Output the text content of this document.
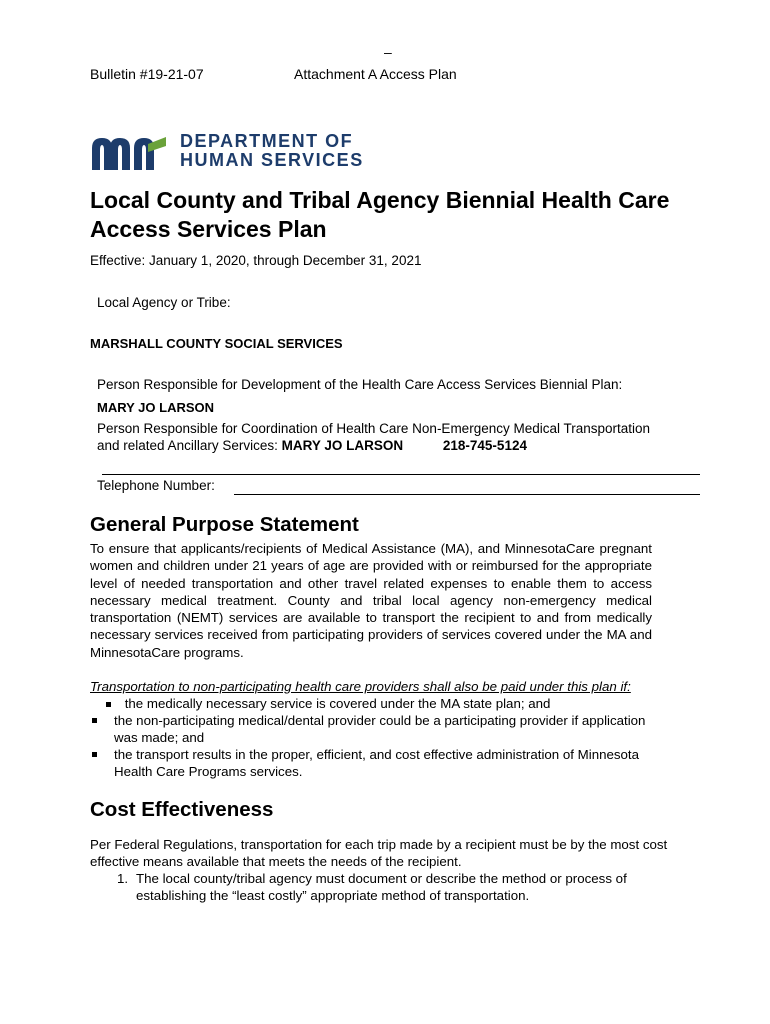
–
Bulletin #19-21-07	Attachment A Access Plan
DEPARTMENT OF
HUMAN SERVICES
Local County and Tribal Agency Biennial Health Care Access Services Plan
Effective: January 1, 2020, through December 31, 2021
Local Agency or Tribe:
MARSHALL COUNTY SOCIAL SERVICES
Person Responsible for Development of the Health Care Access Services Biennial Plan:
MARY JO LARSON
Person Responsible for Coordination of Health Care Non-Emergency Medical Transportation
and related Ancillary Services: MARY JO LARSON	218-745-5124
Telephone Number:
General Purpose Statement
To ensure that applicants/recipients of Medical Assistance (MA), and MinnesotaCare pregnant women and children under 21 years of age are provided with or reimbursed for the appropriate level of needed transportation and other travel related expenses to enable them to access necessary medical treatment. County and tribal local agency non-emergency medical transportation (NEMT) services are available to transport the recipient to and from medically necessary services received from participating providers of services covered under the MA and MinnesotaCare programs.
Transportation to non-participating health care providers shall also be paid under this plan if:
the medically necessary service is covered under the MA state plan; and
the non-participating medical/dental provider could be a participating provider if application was made; and
the transport results in the proper, efficient, and cost effective administration of Minnesota Health Care Programs services.
Cost Effectiveness
Per Federal Regulations, transportation for each trip made by a recipient must be by the most cost effective means available that meets the needs of the recipient.
1. The local county/tribal agency must document or describe the method or process of establishing the “least costly” appropriate method of transportation.
